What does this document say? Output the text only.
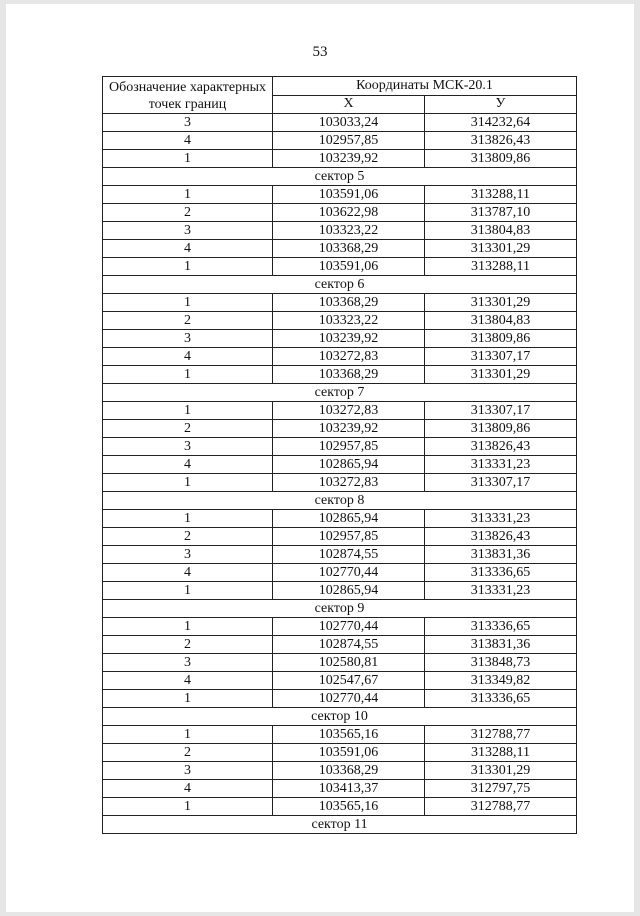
53
Обозначение характерных точек границ	Координаты МСК-20.1	
	X	У
3	103033,24	314232,64
4	102957,85	313826,43
1	103239,92	313809,86
сектор 5		
1	103591,06	313288,11
2	103622,98	313787,10
3	103323,22	313804,83
4	103368,29	313301,29
1	103591,06	313288,11
сектор 6		
1	103368,29	313301,29
2	103323,22	313804,83
3	103239,92	313809,86
4	103272,83	313307,17
1	103368,29	313301,29
сектор 7		
1	103272,83	313307,17
2	103239,92	313809,86
3	102957,85	313826,43
4	102865,94	313331,23
1	103272,83	313307,17
сектор 8		
1	102865,94	313331,23
2	102957,85	313826,43
3	102874,55	313831,36
4	102770,44	313336,65
1	102865,94	313331,23
сектор 9		
1	102770,44	313336,65
2	102874,55	313831,36
3	102580,81	313848,73
4	102547,67	313349,82
1	102770,44	313336,65
сектор 10		
1	103565,16	312788,77
2	103591,06	313288,11
3	103368,29	313301,29
4	103413,37	312797,75
1	103565,16	312788,77
сектор 11		
